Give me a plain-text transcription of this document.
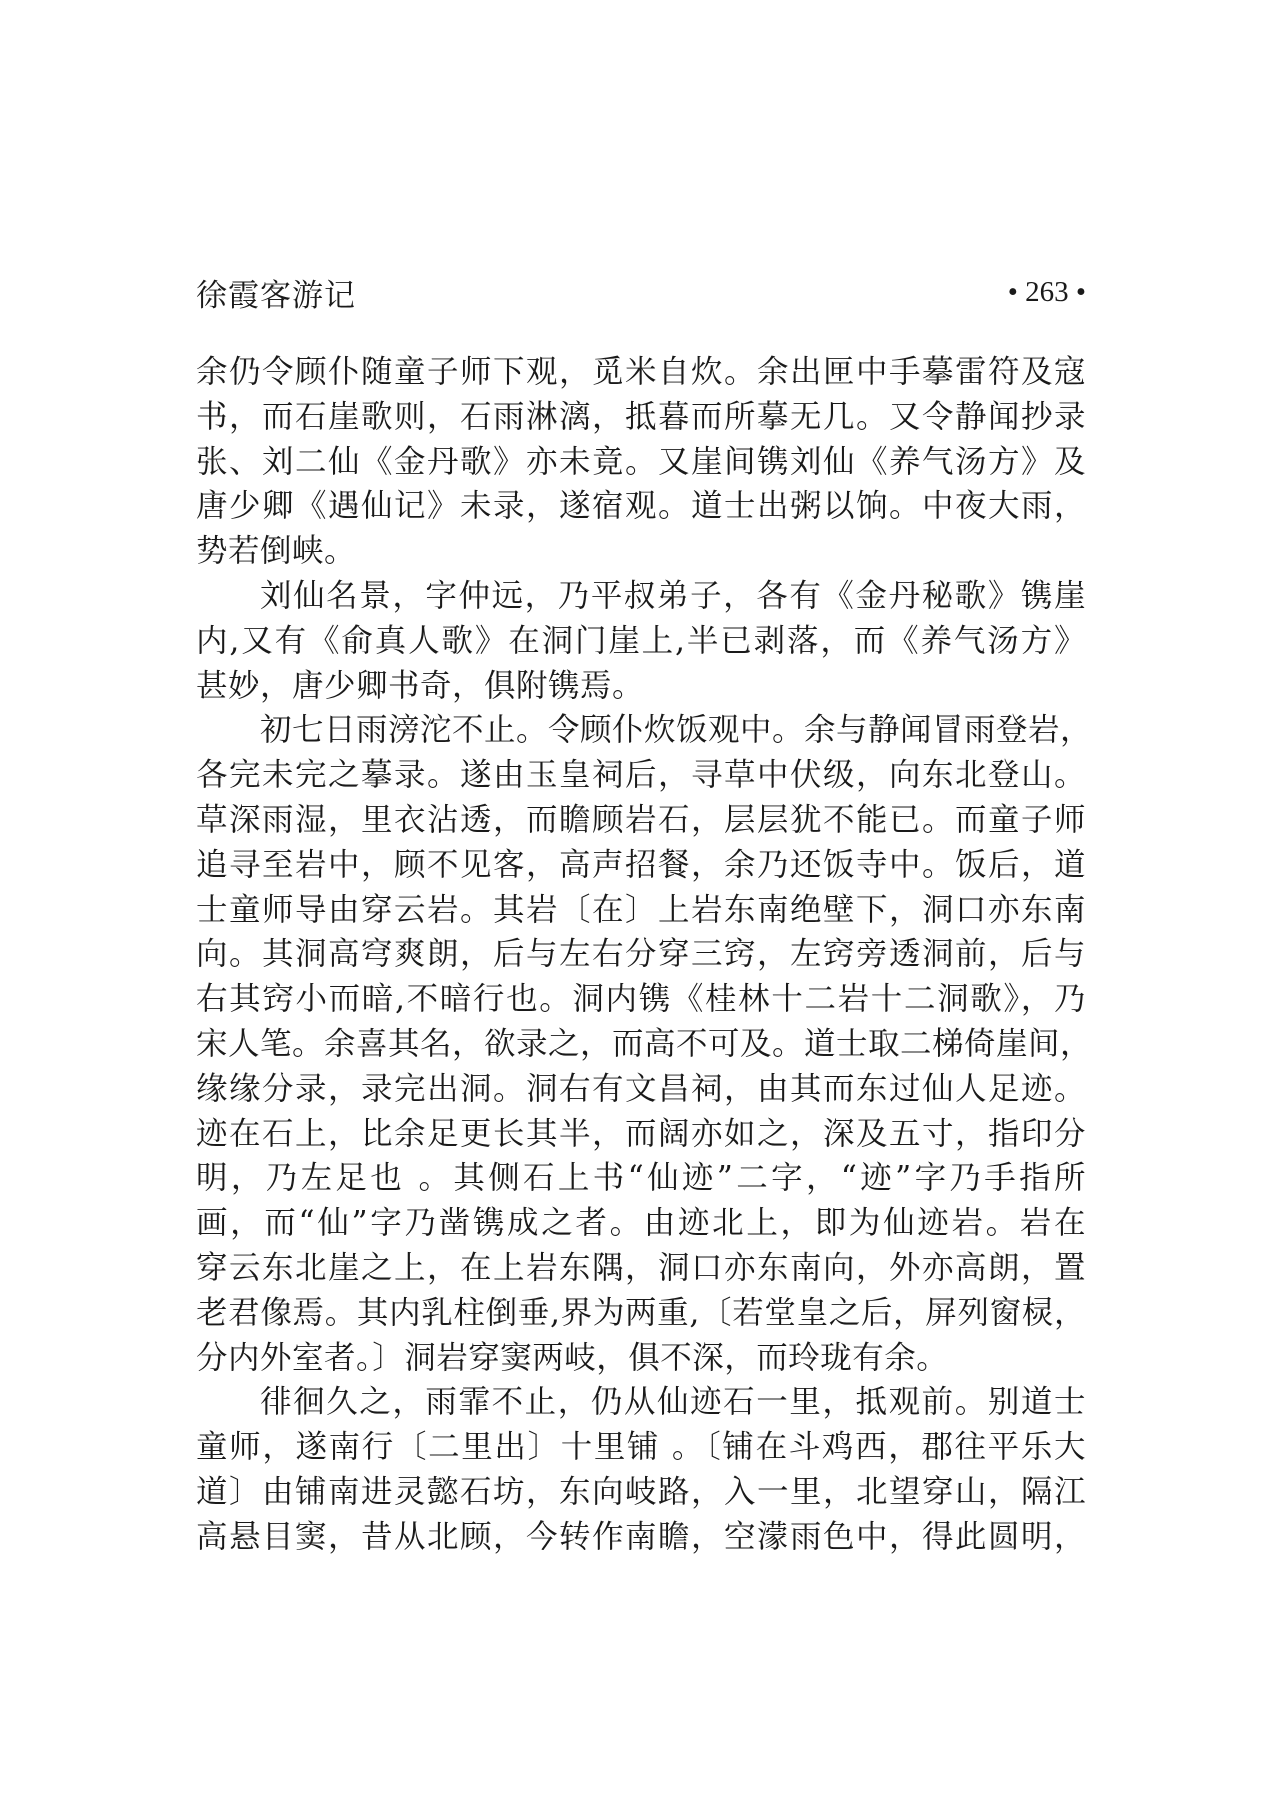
徐霞客游记	• 263 •
余仍令顾仆随童子师下观，觅米自炊。余出匣中手摹雷符及寇
书，而石崖歌则，石雨淋漓，抵暮而所摹无几。又令静闻抄录
张、刘二仙《金丹歌》亦未竟。又崖间镌刘仙《养气汤方》及
唐少卿《遇仙记》未录，遂宿观。道士出粥以饷。中夜大雨，
势若倒峡。
刘仙名景，字仲远，乃平叔弟子，各有《金丹秘歌》镌崖
内,又有《俞真人歌》在洞门崖上,半已剥落，而《养气汤方》
甚妙，唐少卿书奇，俱附镌焉。
初七日雨滂沱不止。令顾仆炊饭观中。余与静闻冒雨登岩，
各完未完之摹录。遂由玉皇祠后，寻草中伏级，向东北登山。
草深雨湿，里衣沾透，而瞻顾岩石，层层犹不能已。而童子师
追寻至岩中，顾不见客，高声招餐，余乃还饭寺中。饭后，道
士童师导由穿云岩。其岩〔在〕上岩东南绝壁下，洞口亦东南
向。其洞高穹爽朗，后与左右分穿三窍，左窍旁透洞前，后与
右其窍小而暗,不暗行也。洞内镌《桂林十二岩十二洞歌》，乃
宋人笔。余喜其名，欲录之，而高不可及。道士取二梯倚崖间，
缘缘分录，录完出洞。洞右有文昌祠，由其而东过仙人足迹。
迹在石上，比余足更长其半，而阔亦如之，深及五寸，指印分
明，乃左足也 。其侧石上书“仙迹”二字，“迹”字乃手指所
画，而“仙”字乃凿镌成之者。由迹北上，即为仙迹岩。岩在
穿云东北崖之上，在上岩东隅，洞口亦东南向，外亦高朗，置
老君像焉。其内乳柱倒垂,界为两重,〔若堂皇之后，屏列窗棂，
分内外室者。〕洞岩穿窦两岐，俱不深，而玲珑有余。
徘徊久之，雨霏不止，仍从仙迹石一里，抵观前。别道士
童师，遂南行〔二里出〕十里铺 。〔铺在斗鸡西，郡往平乐大
道〕由铺南进灵懿石坊，东向岐路，入一里，北望穿山，隔江
高悬目窦，昔从北顾，今转作南瞻，空濛雨色中，得此圆明，
